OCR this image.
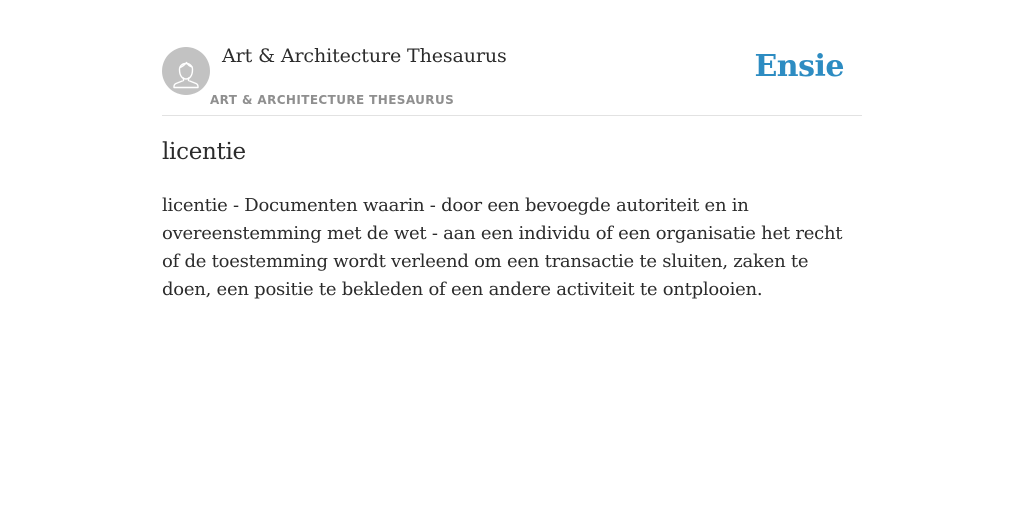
Art & Architecture Thesaurus
ART & ARCHITECTURE THESAURUS
Ensie
licentie

licentie - Documenten waarin - door een bevoegde autoriteit en in overeenstemming met de wet - aan een individu of een organisatie het recht of de toestemming wordt verleend om een transactie te sluiten, zaken te doen, een positie te bekleden of een andere activiteit te ontplooien.
